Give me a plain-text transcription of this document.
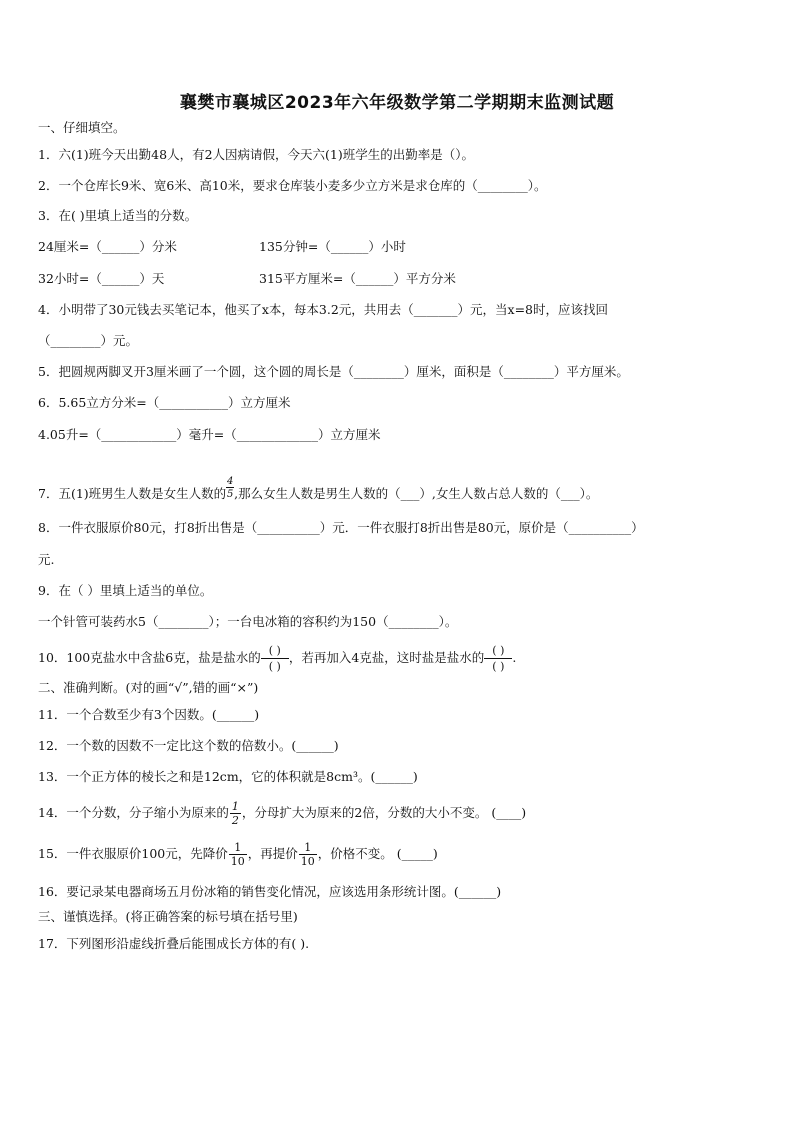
襄樊市襄城区2023年六年级数学第二学期期末监测试题
一、仔细填空。
1．六(1)班今天出勤48人，有2人因病请假，今天六(1)班学生的出勤率是（）。
2．一个仓库长9米、宽6米、高10米，要求仓库装小麦多少立方米是求仓库的（________）。
3．在( )里填上适当的分数。
24厘米=（______）分米	135分钟=（______）小时
32小时=（______）天	315平方厘米=（______）平方分米
4．小明带了30元钱去买笔记本，他买了x本，每本3.2元，共用去（_______）元，当x=8时，应该找回
（________）元。
5．把圆规两脚叉开3厘米画了一个圆，这个圆的周长是（________）厘米，面积是（________）平方厘米。
6．5.65立方分米=（___________）立方厘米
4.05升=（____________）毫升=（_____________）立方厘米
7．五(1)班男生人数是女生人数的
$\frac{4}{5}$
,那么女生人数是男生人数的（___）,女生人数占总人数的（___）。
8．一件衣服原价80元，打8折出售是（__________）元．一件衣服打8折出售是80元，原价是（__________）
元.
9．在（ ）里填上适当的单位。
一个针管可装药水5（________）；一台电冰箱的容积约为150（________）。
10．100克盐水中含盐6克，盐是盐水的 $\frac{( )}{( )}$ ，若再加入4克盐，这时盐是盐水的 $\frac{( )}{( )}$ .
二、准确判断。(对的画“√”,错的画“×”)
11．一个合数至少有3个因数。(______)
12．一个数的因数不一定比这个数的倍数小。(______)
13．一个正方体的棱长之和是12cm，它的体积就是8cm³。(______)
14．一个分数，分子缩小为原来的 $\frac{1}{2}$ ，分母扩大为原来的2倍，分数的大小不变。 (____)
15．一件衣服原价100元，先降价 $\frac{1}{10}$ ，再提价 $\frac{1}{10}$ ，价格不变。 (_____)
16．要记录某电器商场五月份冰箱的销售变化情况，应该选用条形统计图。(______)
三、谨慎选择。(将正确答案的标号填在括号里)
17．下列图形沿虚线折叠后能围成长方体的有( ).
